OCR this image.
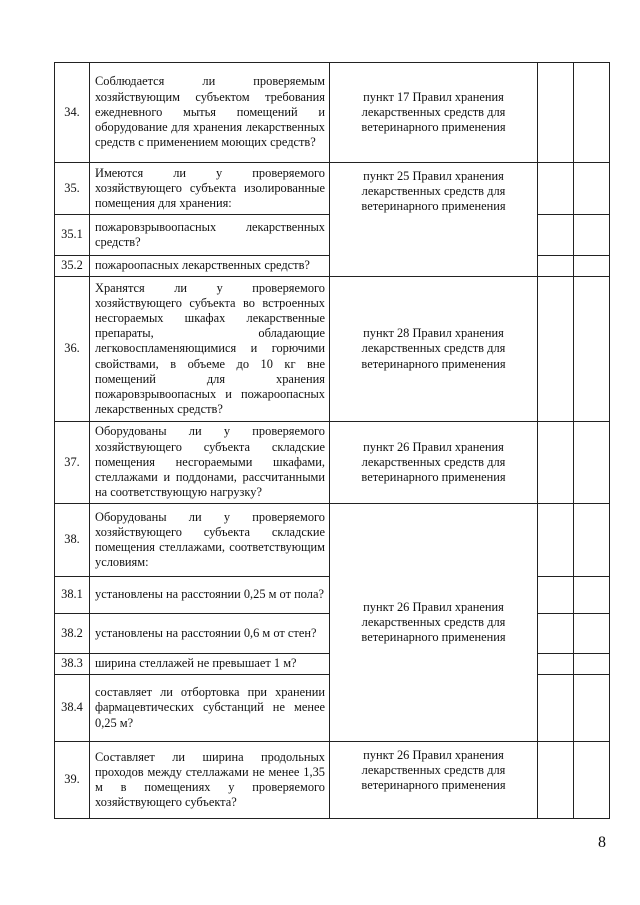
34.	Соблюдается ли проверяемым хозяйствующим субъектом требования ежедневного мытья помещений и оборудование для хранения лекарственных средств с применением моющих средств?	пункт 17 Правил хранения лекарственных средств для ветеринарного применения		
35.	Имеются ли у проверяемого хозяйствующего субъекта изолированные помещения для хранения:	пункт 25 Правил хранения лекарственных средств для ветеринарного применения		
35.1	пожаровзрывоопасных лекарственных средств?			
35.2	пожароопасных лекарственных средств?			
36.	Хранятся ли у проверяемого хозяйствующего субъекта во встроенных несгораемых шкафах лекарственные препараты, обладающие легковоспламеняющимися и горючими свойствами, в объеме до 10 кг вне помещений для хранения пожаровзрывоопасных и пожароопасных лекарственных средств?	пункт 28 Правил хранения лекарственных средств для ветеринарного применения		
37.	Оборудованы ли у проверяемого хозяйствующего субъекта складские помещения несгораемыми шкафами, стеллажами и поддонами, рассчитанными на соответствующую нагрузку?	пункт 26 Правил хранения лекарственных средств для ветеринарного применения		
38.	Оборудованы ли у проверяемого хозяйствующего субъекта складские помещения стеллажами, соответствующим условиям:	пункт 26 Правил хранения лекарственных средств для ветеринарного применения		
38.1	установлены на расстоянии 0,25 м от пола?			
38.2	установлены на расстоянии 0,6 м от стен?			
38.3	ширина стеллажей не превышает 1 м?			
38.4	составляет ли отбортовка при хранении фармацевтических субстанций не менее 0,25 м?			
39.	Составляет ли ширина продольных проходов между стеллажами не менее 1,35 м в помещениях у проверяемого хозяйствующего субъекта?	пункт 26 Правил хранения лекарственных средств для ветеринарного применения		
8
